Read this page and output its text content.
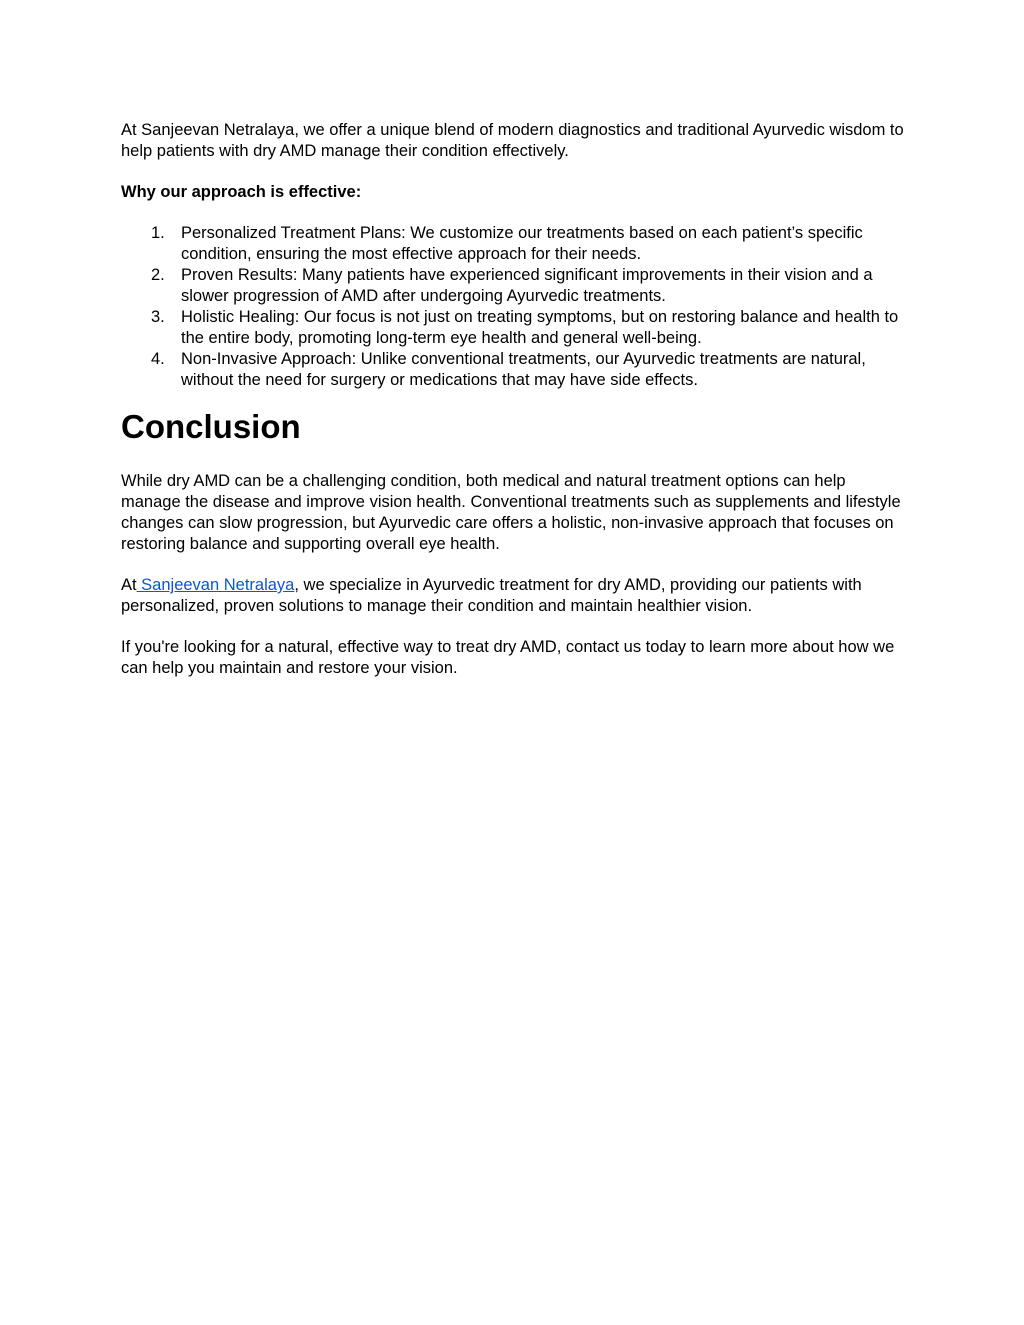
At Sanjeevan Netralaya, we offer a unique blend of modern diagnostics and traditional Ayurvedic wisdom to help patients with dry AMD manage their condition effectively.

Why our approach is effective:

1. Personalized Treatment Plans: We customize our treatments based on each patient’s specific condition, ensuring the most effective approach for their needs.
2. Proven Results: Many patients have experienced significant improvements in their vision and a slower progression of AMD after undergoing Ayurvedic treatments.
3. Holistic Healing: Our focus is not just on treating symptoms, but on restoring balance and health to the entire body, promoting long-term eye health and general well-being.
4. Non-Invasive Approach: Unlike conventional treatments, our Ayurvedic treatments are natural, without the need for surgery or medications that may have side effects.
Conclusion

While dry AMD can be a challenging condition, both medical and natural treatment options can help manage the disease and improve vision health. Conventional treatments such as supplements and lifestyle changes can slow progression, but Ayurvedic care offers a holistic, non-invasive approach that focuses on restoring balance and supporting overall eye health.

At Sanjeevan Netralaya, we specialize in Ayurvedic treatment for dry AMD, providing our patients with personalized, proven solutions to manage their condition and maintain healthier vision.

If you're looking for a natural, effective way to treat dry AMD, contact us today to learn more about how we can help you maintain and restore your vision.
